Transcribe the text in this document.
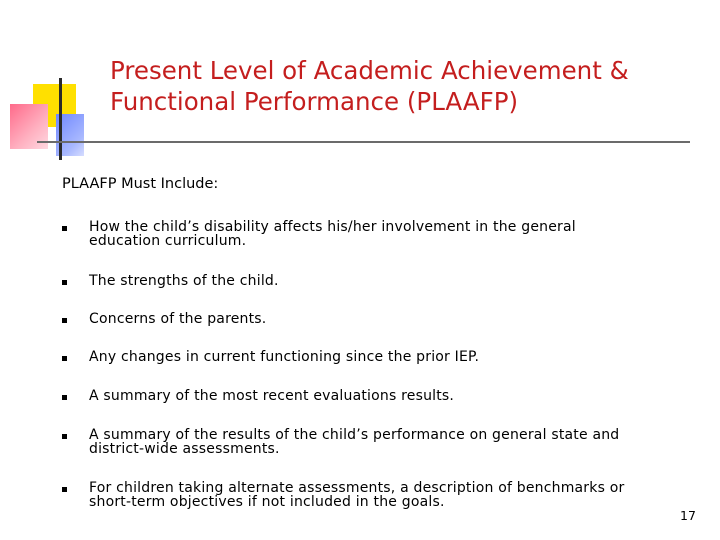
Present Level of Academic Achievement &
Functional Performance (PLAAFP)
PLAAFP Must Include:
How the child’s disability affects his/her involvement in the general
education curriculum.
The strengths of the child.
Concerns of the parents.
Any changes in current functioning since the prior IEP.
A summary of the most recent evaluations results.
A summary of the results of the child’s performance on general state and
district-wide assessments.
For children taking alternate assessments, a description of benchmarks or
short-term objectives if not included in the goals.
17
